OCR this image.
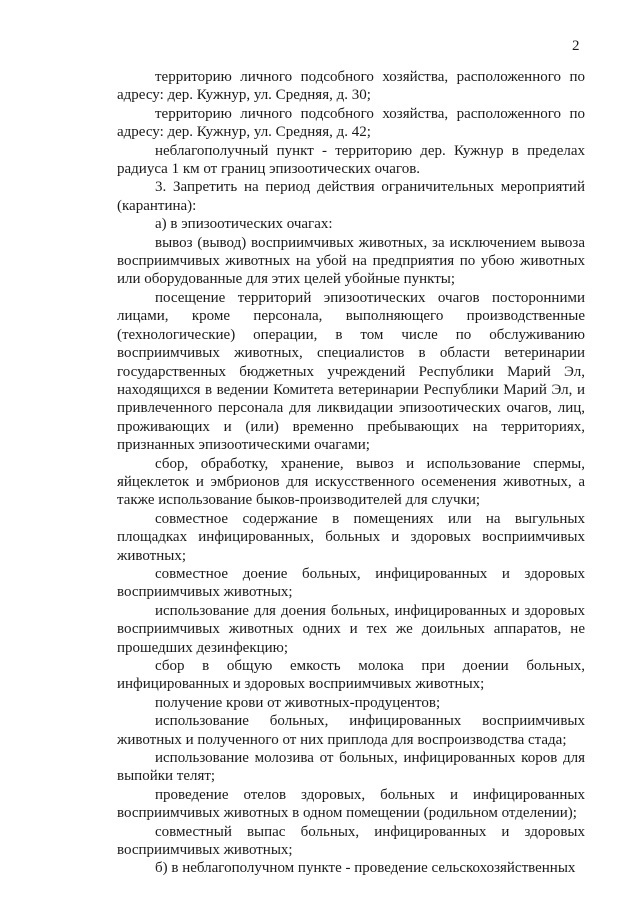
2

территорию личного подсобного хозяйства, расположенного по адресу: дер. Кужнур, ул. Средняя, д. 30;

территорию личного подсобного хозяйства, расположенного по адресу: дер. Кужнур, ул. Средняя, д. 42;

неблагополучный пункт - территорию дер. Кужнур в пределах радиуса 1 км от границ эпизоотических очагов.

3. Запретить на период действия ограничительных мероприятий (карантина):

а) в эпизоотических очагах:

вывоз (вывод) восприимчивых животных, за исключением вывоза восприимчивых животных на убой на предприятия по убою животных или оборудованные для этих целей убойные пункты;

посещение территорий эпизоотических очагов посторонними лицами, кроме персонала, выполняющего производственные (технологические) операции, в том числе по обслуживанию восприимчивых животных, специалистов в области ветеринарии государственных бюджетных учреждений Республики Марий Эл, находящихся в ведении Комитета ветеринарии Республики Марий Эл, и привлеченного персонала для ликвидации эпизоотических очагов, лиц, проживающих и (или) временно пребывающих на территориях, признанных эпизоотическими очагами;

сбор, обработку, хранение, вывоз и использование спермы, яйцеклеток и эмбрионов для искусственного осеменения животных, а также использование быков-производителей для случки;

совместное содержание в помещениях или на выгульных площадках инфицированных, больных и здоровых восприимчивых животных;

совместное доение больных, инфицированных и здоровых восприимчивых животных;

использование для доения больных, инфицированных и здоровых восприимчивых животных одних и тех же доильных аппаратов, не прошедших дезинфекцию;

сбор в общую емкость молока при доении больных, инфицированных и здоровых восприимчивых животных;

получение крови от животных-продуцентов;

использование больных, инфицированных восприимчивых животных и полученного от них приплода для воспроизводства стада;

использование молозива от больных, инфицированных коров для выпойки телят;

проведение отелов здоровых, больных и инфицированных восприимчивых животных в одном помещении (родильном отделении);

совместный выпас больных, инфицированных и здоровых восприимчивых животных;

б) в неблагополучном пункте - проведение сельскохозяйственных
